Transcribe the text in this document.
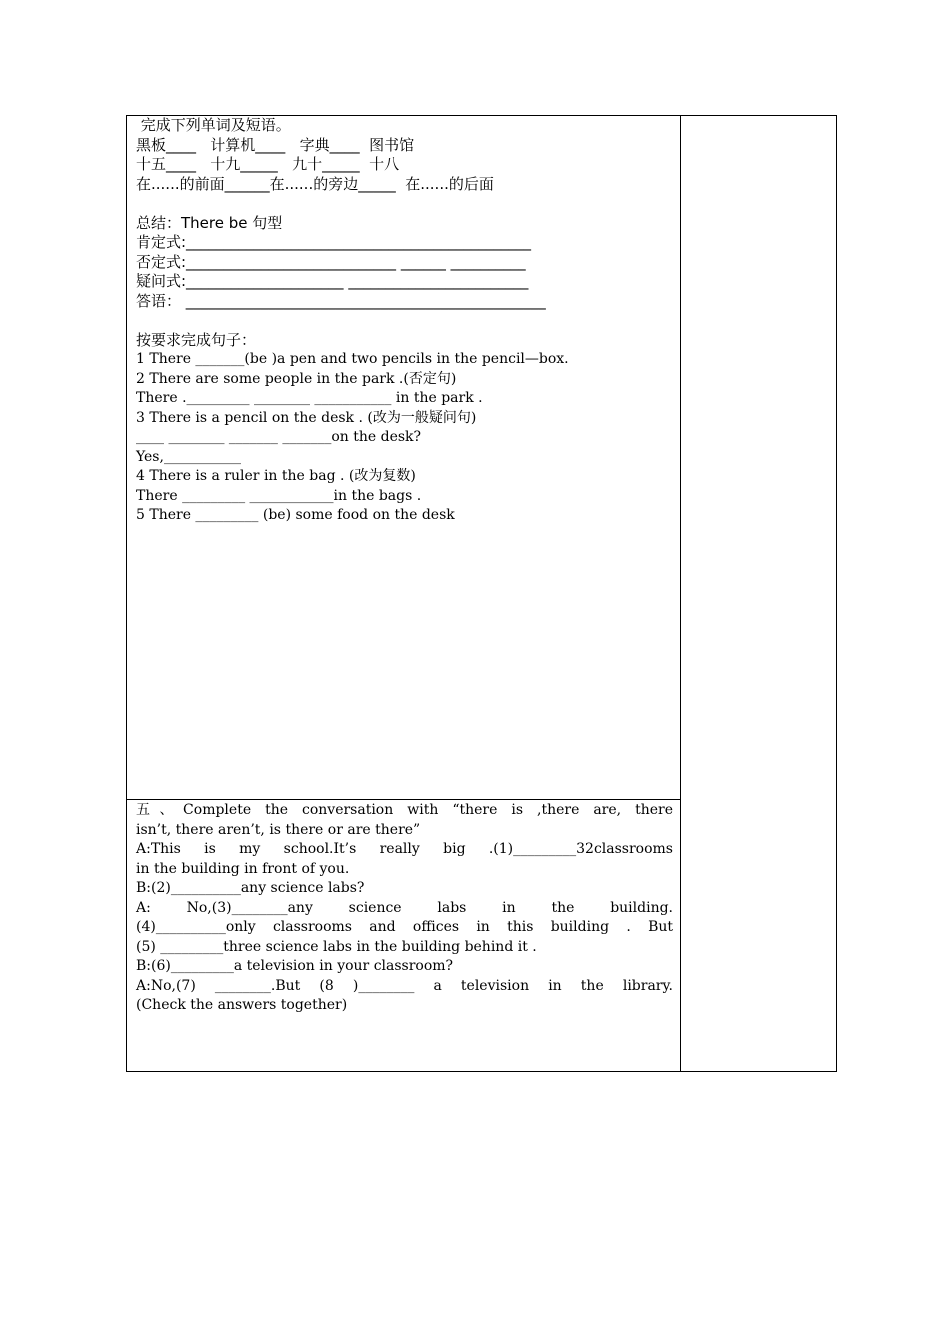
完成下列单词及短语。
黑板____   计算机____   字典____  图书馆
十五____   十九_____   九十_____  十八
在......的前面______在......的旁边_____  在......的后面
总结：There be 句型
肯定式:______________________________________________
否定式:____________________________ ______ __________
疑问式:_____________________ ________________________
答语： ________________________________________________
按要求完成句子：
1 There _______(be )a pen and two pencils in the pencil—box.
2 There are some people in the park .(否定句)
There ._________ ________ ___________ in the park .
3 There is a pencil on the desk . (改为一般疑问句)
____ ________ _______ _______on the desk?
Yes,___________
4 There is a ruler in the bag . (改为复数)
There _________ ____________in the bags .
5 There _________ (be) some food on the desk
五、Complete the conversation with “there is ,there are, there
isn’t, there aren’t, is there or are there”
A:This is my school.It’s really big .(1)_________32classrooms
in the building in front of you.
B:(2)__________any science labs?
A: No,(3)________any science labs in the building.
(4)__________only classrooms and offices in this building . But
(5) _________three science labs in the building behind it .
B:(6)_________a television in your classroom?
A:No,(7) ________.But (8 )________ a television in the library.
(Check the answers together)
